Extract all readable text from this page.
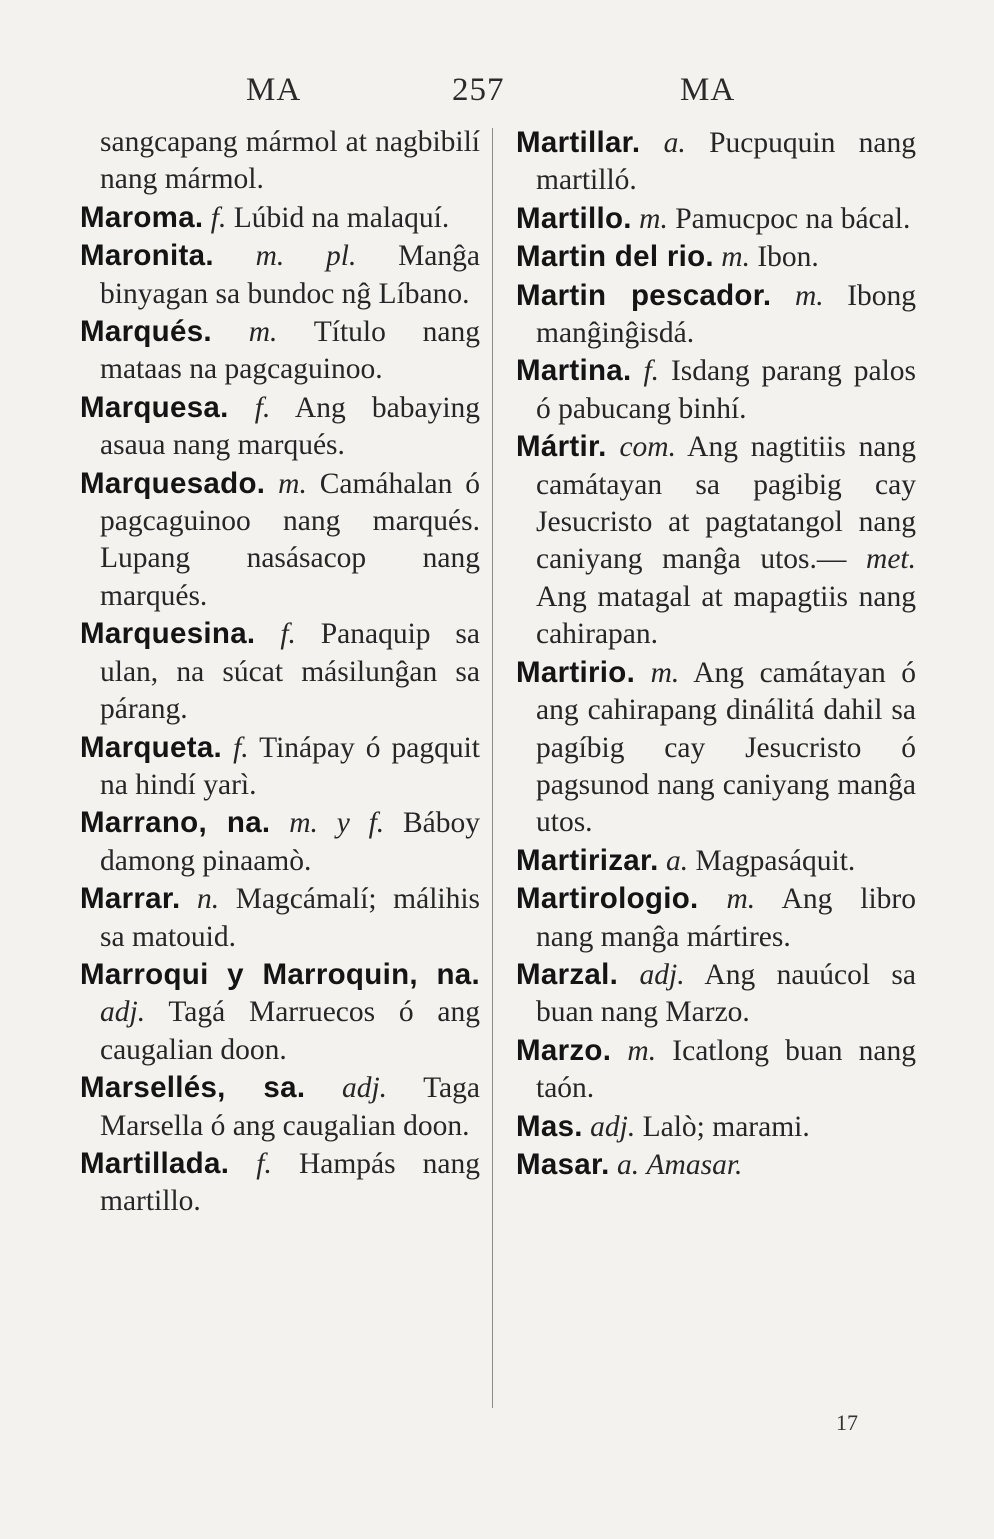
MA	257	MA

sangcapang mármol at nagbibilí nang mármol.

Maroma. f. Lúbid na malaquí.

Maronita. m. pl. Manĝa binyagan sa bundoc nĝ Líbano.

Marqués. m. Título nang mataas na pagcaguinoo.

Marquesa. f. Ang babaying asaua nang marqués.

Marquesado. m. Camáhalan ó pagcaguinoo nang marqués. Lupang nasásacop nang marqués.

Marquesina. f. Panaquip sa ulan, na súcat másilunĝan sa párang.

Marqueta. f. Tinápay ó pagquit na hindí yarì.

Marrano, na. m. y f. Báboy damong pinaamò.

Marrar. n. Magcámalí; málihis sa matouid.

Marroqui y Marroquin, na. adj. Tagá Marruecos ó ang caugalian doon.

Marsellés, sa. adj. Taga Marsella ó ang caugalian doon.

Martillada. f. Hampás nang martillo.

Martillar. a. Pucpuquin nang martilló.

Martillo. m. Pamucpoc na bácal.

Martin del rio. m. Ibon.

Martin pescador. m. Ibong manĝinĝisdá.

Martina. f. Isdang parang palos ó pabucang binhí.

Mártir. com. Ang nagtitiis nang camátayan sa pagibig cay Jesucristo at pagtatangol nang caniyang manĝa utos.— met. Ang matagal at mapagtiis nang cahirapan.

Martirio. m. Ang camátayan ó ang cahirapang dinálitá dahil sa pagíbig cay Jesucristo ó pagsunod nang caniyang manĝa utos.

Martirizar. a. Magpasáquit.

Martirologio. m. Ang libro nang manĝa mártires.

Marzal. adj. Ang nauúcol sa buan nang Marzo.

Marzo. m. Icatlong buan nang taón.

Mas. adj. Lalò; marami.

Masar. a. Amasar.

17
